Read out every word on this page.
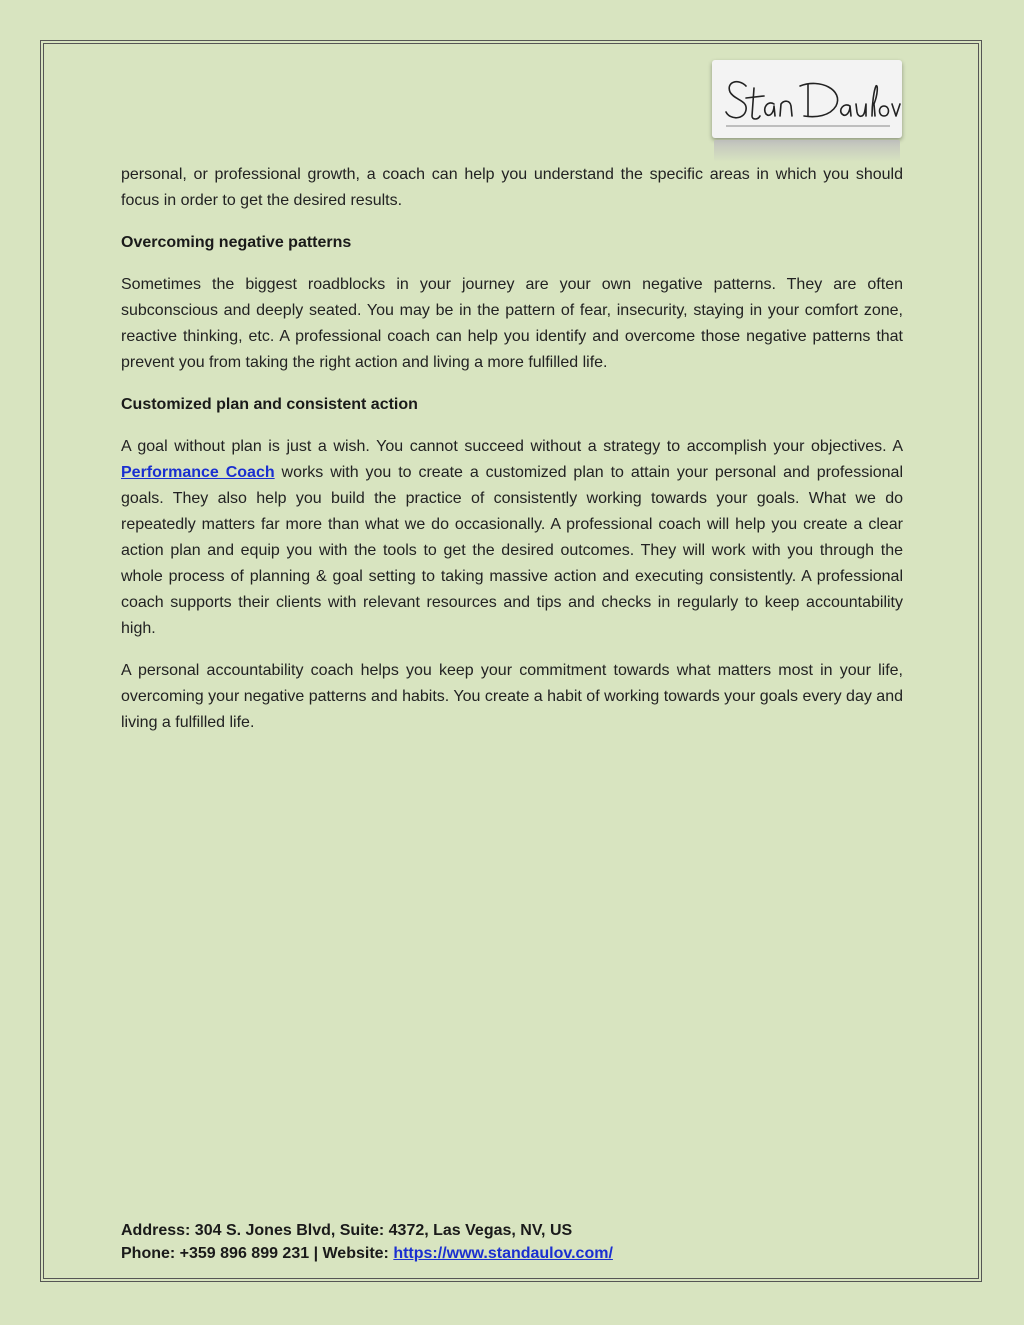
personal, or professional growth, a coach can help you understand the specific areas in which you should focus in order to get the desired results.

Overcoming negative patterns

Sometimes the biggest roadblocks in your journey are your own negative patterns. They are often subconscious and deeply seated. You may be in the pattern of fear, insecurity, staying in your comfort zone, reactive thinking, etc. A professional coach can help you identify and overcome those negative patterns that prevent you from taking the right action and living a more fulfilled life.

Customized plan and consistent action

A goal without plan is just a wish. You cannot succeed without a strategy to accomplish your objectives. A Performance Coach works with you to create a customized plan to attain your personal and professional goals. They also help you build the practice of consistently working towards your goals. What we do repeatedly matters far more than what we do occasionally. A professional coach will help you create a clear action plan and equip you with the tools to get the desired outcomes. They will work with you through the whole process of planning & goal setting to taking massive action and executing consistently. A professional coach supports their clients with relevant resources and tips and checks in regularly to keep accountability high.

A personal accountability coach helps you keep your commitment towards what matters most in your life, overcoming your negative patterns and habits. You create a habit of working towards your goals every day and living a fulfilled life.

Address: 304 S. Jones Blvd, Suite: 4372, Las Vegas, NV, US
Phone: +359 896 899 231 | Website: https://www.standaulov.com/
